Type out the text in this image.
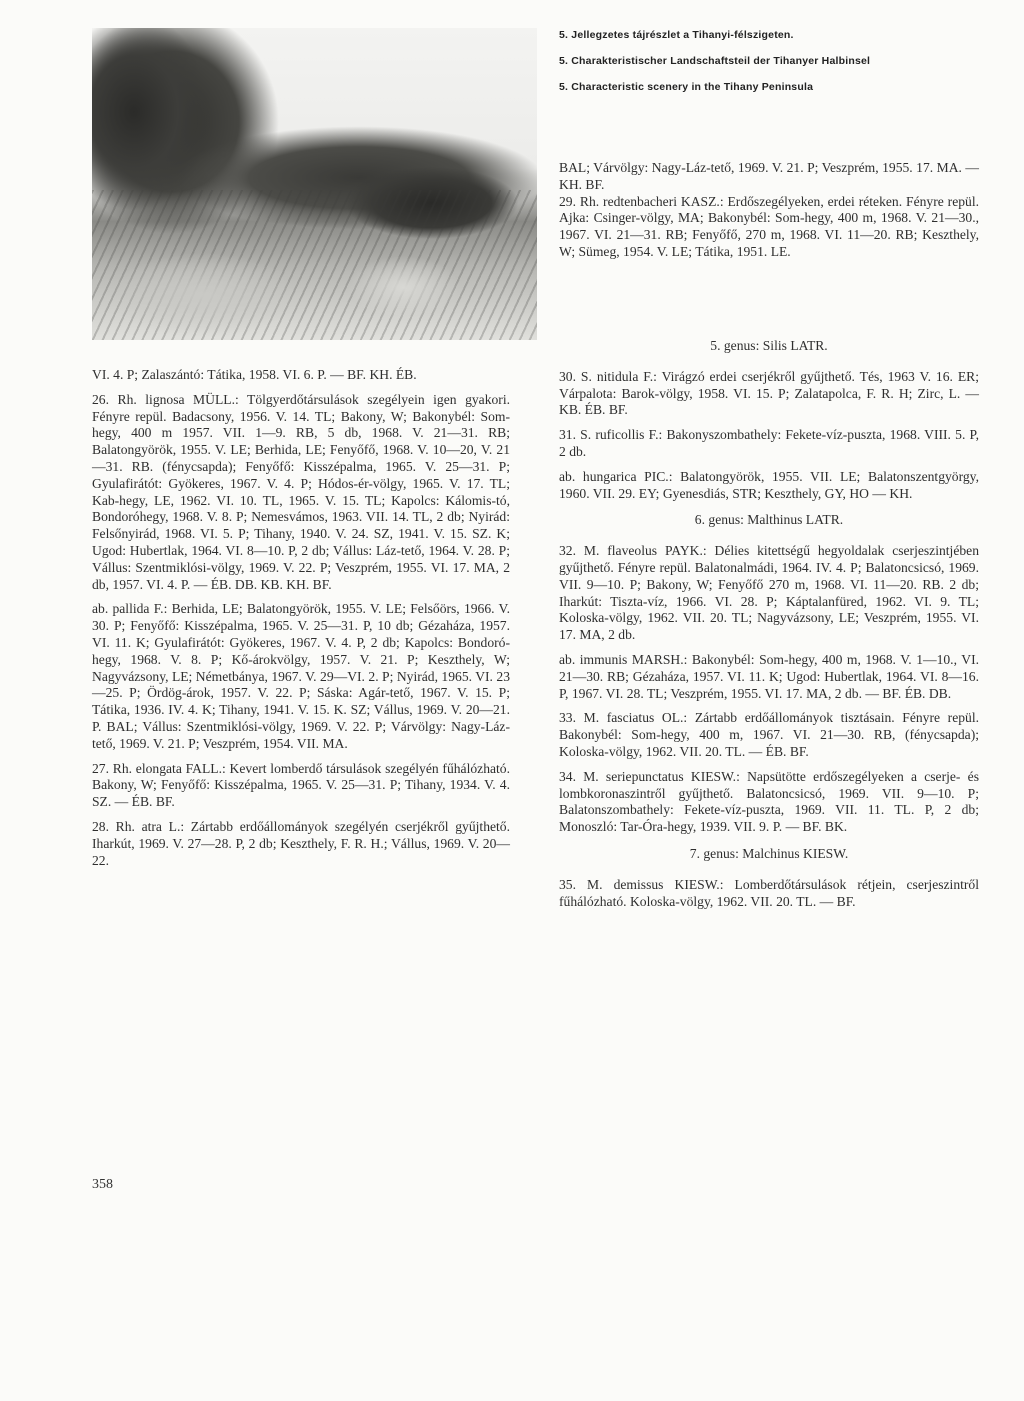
5. Jellegzetes tájrészlet a Tihanyi-félszigeten.
5. Charakteristischer Landschaftsteil der Tihanyer Halbinsel
5. Characteristic scenery in the Tihany Peninsula

BAL; Várvölgy: Nagy-Láz-tető, 1969. V. 21. P; Veszprém, 1955. 17. MA. — KH. BF.

29. Rh. redtenbacheri KASZ.: Erdőszegélyeken, erdei réteken. Fényre repül. Ajka: Csinger-völgy, MA; Bakonybél: Som-hegy, 400 m, 1968. V. 21—30., 1967. VI. 21—31. RB; Fenyőfő, 270 m, 1968. VI. 11—20. RB; Keszthely, W; Sümeg, 1954. V. LE; Tátika, 1951. LE.

VI. 4. P; Zalaszántó: Tátika, 1958. VI. 6. P. — BF. KH. ÉB.

26. Rh. lignosa MÜLL.: Tölgyerdőtársulások szegélyein igen gyakori. Fényre repül. Badacsony, 1956. V. 14. TL; Bakony, W; Bakonybél: Som-hegy, 400 m 1957. VII. 1—9. RB, 5 db, 1968. V. 21—31. RB; Balatongyörök, 1955. V. LE; Berhida, LE; Fenyőfő, 1968. V. 10—20, V. 21—31. RB. (fénycsapda); Fenyőfő: Kisszépalma, 1965. V. 25—31. P; Gyulafirátót: Gyökeres, 1967. V. 4. P; Hódos-ér-völgy, 1965. V. 17. TL; Kab-hegy, LE, 1962. VI. 10. TL, 1965. V. 15. TL; Kapolcs: Kálomis-tó, Bondoróhegy, 1968. V. 8. P; Nemesvámos, 1963. VII. 14. TL, 2 db; Nyirád: Felsőnyirád, 1968. VI. 5. P; Tihany, 1940. V. 24. SZ, 1941. V. 15. SZ. K; Ugod: Hubertlak, 1964. VI. 8—10. P, 2 db; Vállus: Láz-tető, 1964. V. 28. P; Vállus: Szentmiklósi-völgy, 1969. V. 22. P; Veszprém, 1955. VI. 17. MA, 2 db, 1957. VI. 4. P. — ÉB. DB. KB. KH. BF.

ab. pallida F.: Berhida, LE; Balatongyörök, 1955. V. LE; Felsőörs, 1966. V. 30. P; Fenyőfő: Kisszépalma, 1965. V. 25—31. P, 10 db; Gézaháza, 1957. VI. 11. K; Gyulafirátót: Gyökeres, 1967. V. 4. P, 2 db; Kapolcs: Bondoró-hegy, 1968. V. 8. P; Kő-árokvölgy, 1957. V. 21. P; Keszthely, W; Nagyvázsony, LE; Németbánya, 1967. V. 29—VI. 2. P; Nyirád, 1965. VI. 23—25. P; Ördög-árok, 1957. V. 22. P; Sáska: Agár-tető, 1967. V. 15. P; Tátika, 1936. IV. 4. K; Tihany, 1941. V. 15. K. SZ; Vállus, 1969. V. 20—21. P. BAL; Vállus: Szentmiklósi-völgy, 1969. V. 22. P; Várvölgy: Nagy-Láz-tető, 1969. V. 21. P; Veszprém, 1954. VII. MA.

27. Rh. elongata FALL.: Kevert lomberdő társulások szegélyén fűhálózható. Bakony, W; Fenyőfő: Kisszépalma, 1965. V. 25—31. P; Tihany, 1934. V. 4. SZ. — ÉB. BF.

28. Rh. atra L.: Zártabb erdőállományok szegélyén cserjékről gyűjthető. Iharkút, 1969. V. 27—28. P, 2 db; Keszthely, F. R. H.; Vállus, 1969. V. 20—22.

5. genus: Silis LATR.

30. S. nitidula F.: Virágzó erdei cserjékről gyűjthető. Tés, 1963 V. 16. ER; Várpalota: Barok-völgy, 1958. VI. 15. P; Zalatapolca, F. R. H; Zirc, L. — KB. ÉB. BF.

31. S. ruficollis F.: Bakonyszombathely: Fekete-víz-puszta, 1968. VIII. 5. P, 2 db.

ab. hungarica PIC.: Balatongyörök, 1955. VII. LE; Balatonszentgyörgy, 1960. VII. 29. EY; Gyenesdiás, STR; Keszthely, GY, HO — KH.

6. genus: Malthinus LATR.

32. M. flaveolus PAYK.: Délies kitettségű hegyoldalak cserjeszintjében gyűjthető. Fényre repül. Balatonalmádi, 1964. IV. 4. P; Balatoncsicsó, 1969. VII. 9—10. P; Bakony, W; Fenyőfő 270 m, 1968. VI. 11—20. RB. 2 db; Iharkút: Tiszta-víz, 1966. VI. 28. P; Káptalanfüred, 1962. VI. 9. TL; Koloska-völgy, 1962. VII. 20. TL; Nagyvázsony, LE; Veszprém, 1955. VI. 17. MA, 2 db.

ab. immunis MARSH.: Bakonybél: Som-hegy, 400 m, 1968. V. 1—10., VI. 21—30. RB; Gézaháza, 1957. VI. 11. K; Ugod: Hubertlak, 1964. VI. 8—16. P, 1967. VI. 28. TL; Veszprém, 1955. VI. 17. MA, 2 db. — BF. ÉB. DB.

33. M. fasciatus OL.: Zártabb erdőállományok tisztásain. Fényre repül. Bakonybél: Som-hegy, 400 m, 1967. VI. 21—30. RB, (fénycsapda); Koloska-völgy, 1962. VII. 20. TL. — ÉB. BF.

34. M. seriepunctatus KIESW.: Napsütötte erdőszegélyeken a cserje- és lombkoronaszintről gyűjthető. Balatoncsicsó, 1969. VII. 9—10. P; Balatonszombathely: Fekete-víz-puszta, 1969. VII. 11. TL. P, 2 db; Monoszló: Tar-Óra-hegy, 1939. VII. 9. P. — BF. BK.

7. genus: Malchinus KIESW.

35. M. demissus KIESW.: Lomberdőtársulások rétjein, cserjeszintről fűhálózható. Koloska-völgy, 1962. VII. 20. TL. — BF.

358
